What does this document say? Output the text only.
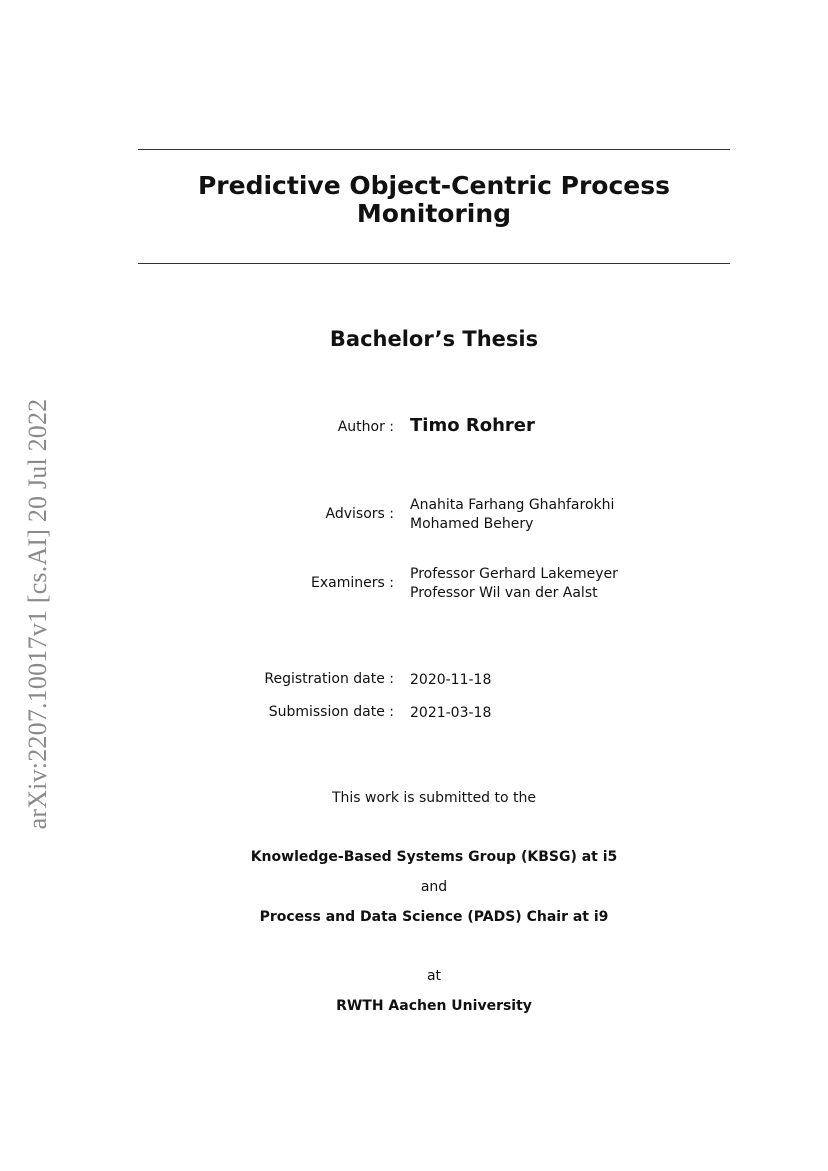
arXiv:2207.10017v1 [cs.AI] 20 Jul 2022
Predictive Object-Centric Process
Monitoring
Bachelor’s Thesis
Author : Timo Rohrer
Advisors :
Anahita Farhang Ghahfarokhi
Mohamed Behery
Examiners :
Professor Gerhard Lakemeyer
Professor Wil van der Aalst
Registration date : 2020-11-18
Submission date : 2021-03-18
This work is submitted to the
Knowledge-Based Systems Group (KBSG) at i5
and
Process and Data Science (PADS) Chair at i9
at
RWTH Aachen University
